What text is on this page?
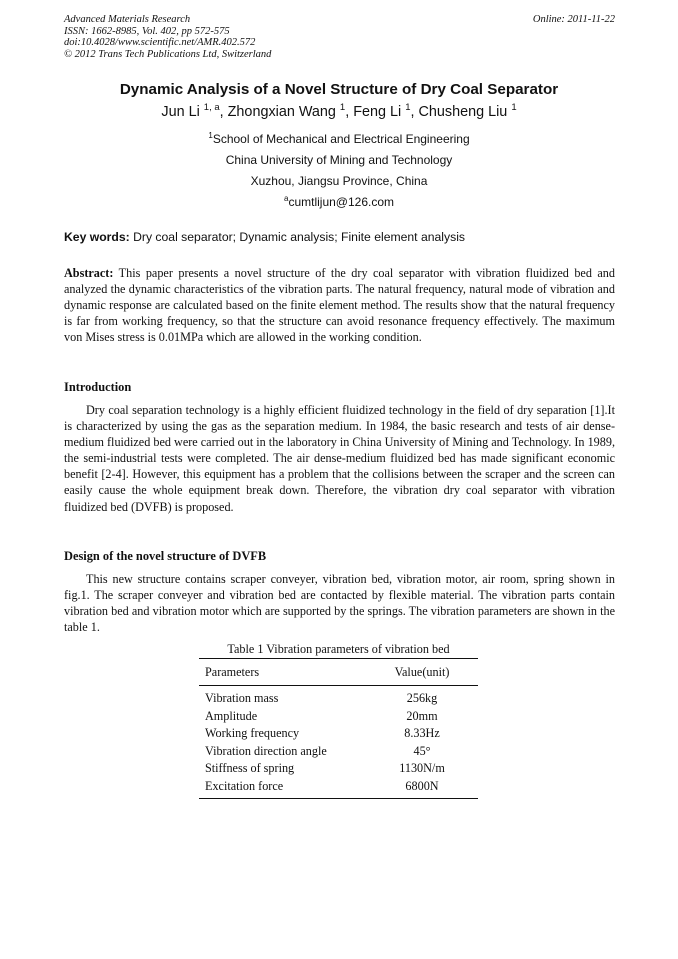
Advanced Materials Research
ISSN: 1662-8985, Vol. 402, pp 572-575
doi:10.4028/www.scientific.net/AMR.402.572
© 2012 Trans Tech Publications Ltd, Switzerland
Online: 2011-11-22
Dynamic Analysis of a Novel Structure of Dry Coal Separator
Jun Li $^{1, a}$, Zhongxian Wang $^1$, Feng Li $^1$, Chusheng Liu $^1$
$^1$School of Mechanical and Electrical Engineering
China University of Mining and Technology
Xuzhou, Jiangsu Province, China
$^a$cumtlijun@126.com
Key words: Dry coal separator; Dynamic analysis; Finite element analysis
Abstract: This paper presents a novel structure of the dry coal separator with vibration fluidized bed and analyzed the dynamic characteristics of the vibration parts. The natural frequency, natural mode of vibration and dynamic response are calculated based on the finite element method. The results show that the natural frequency is far from working frequency, so that the structure can avoid resonance frequency effectively. The maximum von Mises stress is 0.01MPa which are allowed in the working condition.
Introduction
Dry coal separation technology is a highly efficient fluidized technology in the field of dry separation [1].It is characterized by using the gas as the separation medium. In 1984, the basic research and tests of air dense-medium fluidized bed were carried out in the laboratory in China University of Mining and Technology. In 1989, the semi-industrial tests were completed. The air dense-medium fluidized bed has made significant economic benefit [2-4]. However, this equipment has a problem that the collisions between the scraper and the screen can easily cause the whole equipment break down. Therefore, the vibration dry coal separator with vibration fluidized bed (DVFB) is proposed.
Design of the novel structure of DVFB
This new structure contains scraper conveyer, vibration bed, vibration motor, air room, spring shown in fig.1. The scraper conveyer and vibration bed are contacted by flexible material. The vibration parts contain vibration bed and vibration motor which are supported by the springs. The vibration parameters are shown in the table 1.
Table 1 Vibration parameters of vibration bed
Parameters	Value(unit)
Vibration mass	256kg
Amplitude	20mm
Working frequency	8.33Hz
Vibration direction angle	45°
Stiffness of spring	1130N/m
Excitation force	6800N
